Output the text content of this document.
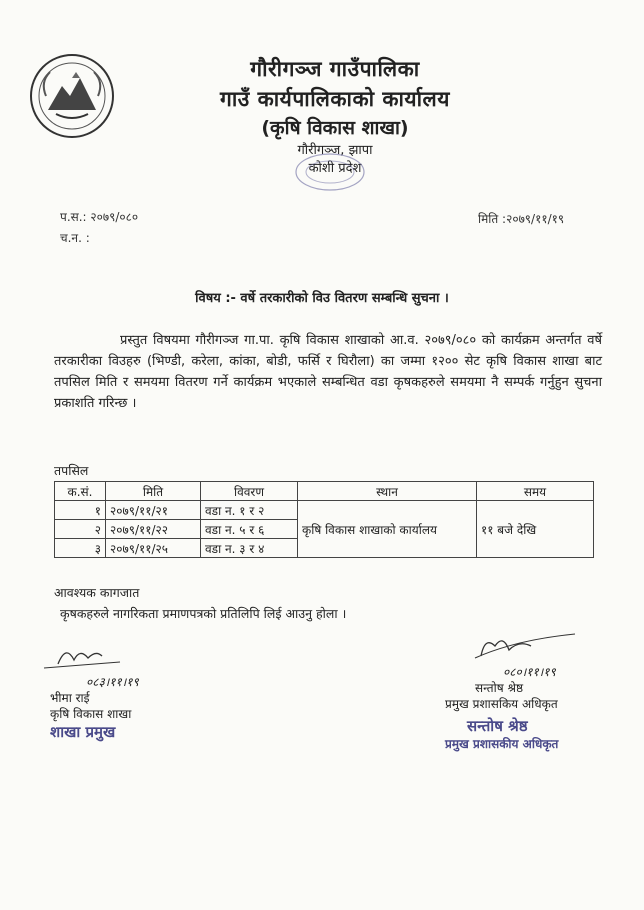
गौरीगञ्ज गाउँपालिका
गाउँ कार्यपालिकाको कार्यालय
(कृषि विकास शाखा)
गौरीगञ्ज, झापा
कोशी प्रदेश
प.स.: २०७९/०८०
च.न. :
मिति :२०७९/११/१९
विषय :- वर्षे तरकारीको विउ वितरण सम्बन्धि सुचना ।

प्रस्तुत विषयमा गौरीगञ्ज गा.पा. कृषि विकास शाखाको आ.व. २०७९/०८० को कार्यक्रम अन्तर्गत वर्षे तरकारीका विउहरु (भिण्डी, करेला, कांका, बोडी, फर्सि र घिरौला) का जम्मा १२०० सेट कृषि विकास शाखा बाट तपसिल मिति र समयमा वितरण गर्ने कार्यक्रम भएकाले सम्बन्धित वडा कृषकहरुले समयमा नै सम्पर्क गर्नुहुन सुचना प्रकाशति गरिन्छ ।

तपसिल
क.सं.	मिति	विवरण	स्थान	समय
१	२०७९/११/२१	वडा न. १ र २	कृषि विकास शाखाको कार्यालय	११ बजे देखि
२	२०७९/११/२२	वडा न. ५ र ६		
३	२०७९/११/२५	वडा न. ३ र ४		
आवश्यक कागजात
कृषकहरुले नागरिकता प्रमाणपत्रको प्रतिलिपि लिई आउनु होला ।
०८३।११।१९
भीमा राई
कृषि विकास शाखा
शाखा प्रमुख
०८०।११।१९
सन्तोष श्रेष्ठ
प्रमुख प्रशासकिय अधिकृत
सन्तोष श्रेष्ठ
प्रमुख प्रशासकीय अधिकृत
